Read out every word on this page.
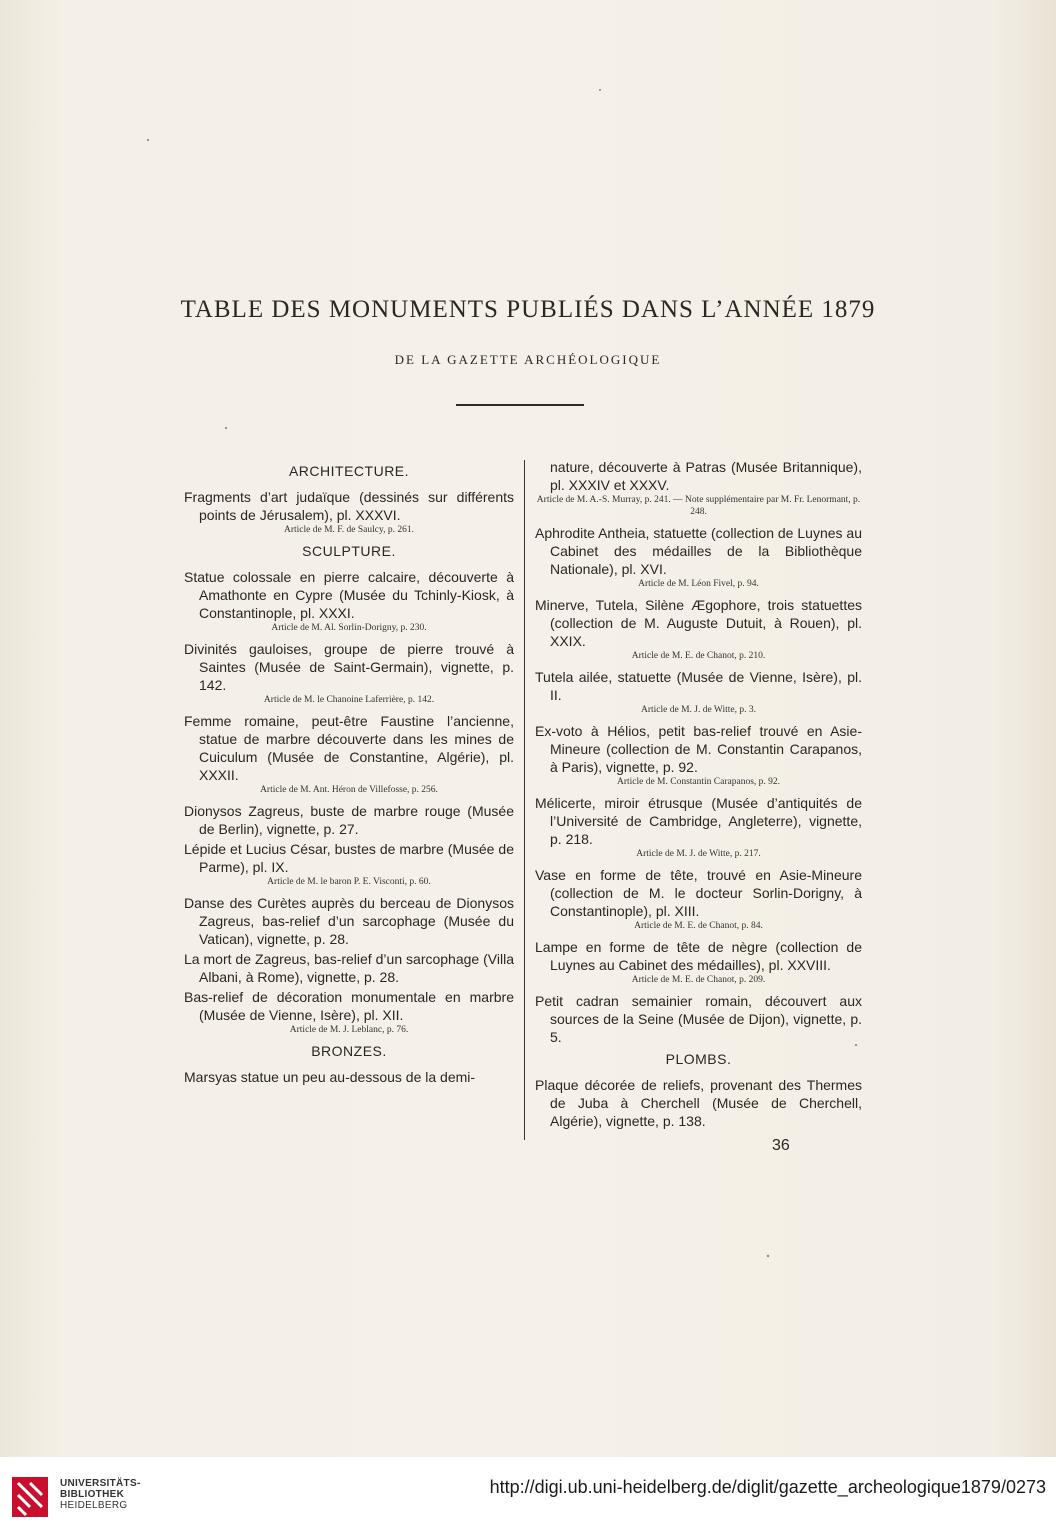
TABLE DES MONUMENTS PUBLIÉS DANS L’ANNÉE 1879
DE LA GAZETTE ARCHÉOLOGIQUE
ARCHITECTURE.
Fragments d’art judaïque (dessinés sur différents points de Jérusalem), pl. XXXVI.
Article de M. F. de Saulcy, p. 261.
SCULPTURE.
Statue colossale en pierre calcaire, découverte à Amathonte en Cypre (Musée du Tchinly-Kiosk, à Constantinople, pl. XXXI.
Article de M. Al. Sorlin-Dorigny, p. 230.
Divinités gauloises, groupe de pierre trouvé à Saintes (Musée de Saint-Germain), vignette, p. 142.
Article de M. le Chanoine Laferrière, p. 142.
Femme romaine, peut-être Faustine l’ancienne, statue de marbre découverte dans les mines de Cuiculum (Musée de Constantine, Algérie), pl. XXXII.
Article de M. Ant. Héron de Villefosse, p. 256.
Dionysos Zagreus, buste de marbre rouge (Musée de Berlin), vignette, p. 27.
Lépide et Lucius César, bustes de marbre (Musée de Parme), pl. IX.
Article de M. le baron P. E. Visconti, p. 60.
Danse des Curètes auprès du berceau de Dionysos Zagreus, bas-relief d’un sarcophage (Musée du Vatican), vignette, p. 28.
La mort de Zagreus, bas-relief d’un sarcophage (Villa Albani, à Rome), vignette, p. 28.
Bas-relief de décoration monumentale en marbre (Musée de Vienne, Isère), pl. XII.
Article de M. J. Leblanc, p. 76.
BRONZES.
Marsyas statue un peu au-dessous de la demi-
nature, découverte à Patras (Musée Britannique), pl. XXXIV et XXXV.
Article de M. A.-S. Murray, p. 241. — Note supplémentaire par M. Fr. Lenormant, p. 248.
Aphrodite Antheia, statuette (collection de Luynes au Cabinet des médailles de la Bibliothèque Nationale), pl. XVI.
Article de M. Léon Fivel, p. 94.
Minerve, Tutela, Silène Ægophore, trois statuettes (collection de M. Auguste Dutuit, à Rouen), pl. XXIX.
Article de M. E. de Chanot, p. 210.
Tutela ailée, statuette (Musée de Vienne, Isère), pl. II.
Article de M. J. de Witte, p. 3.
Ex-voto à Hélios, petit bas-relief trouvé en Asie-Mineure (collection de M. Constantin Carapanos, à Paris), vignette, p. 92.
Article de M. Constantin Carapanos, p. 92.
Mélicerte, miroir étrusque (Musée d’antiquités de l’Université de Cambridge, Angleterre), vignette, p. 218.
Article de M. J. de Witte, p. 217.
Vase en forme de tête, trouvé en Asie-Mineure (collection de M. le docteur Sorlin-Dorigny, à Constantinople), pl. XIII.
Article de M. E. de Chanot, p. 84.
Lampe en forme de tête de nègre (collection de Luynes au Cabinet des médailles), pl. XXVIII.
Article de M. E. de Chanot, p. 209.
Petit cadran semainier romain, découvert aux sources de la Seine (Musée de Dijon), vignette, p. 5.
PLOMBS.
Plaque décorée de reliefs, provenant des Thermes de Juba à Cherchell (Musée de Cherchell, Algérie), vignette, p. 138.
36
UNIVERSITÄTS-
BIBLIOTHEK
HEIDELBERG
http://digi.ub.uni-heidelberg.de/diglit/gazette_archeologique1879/0273
